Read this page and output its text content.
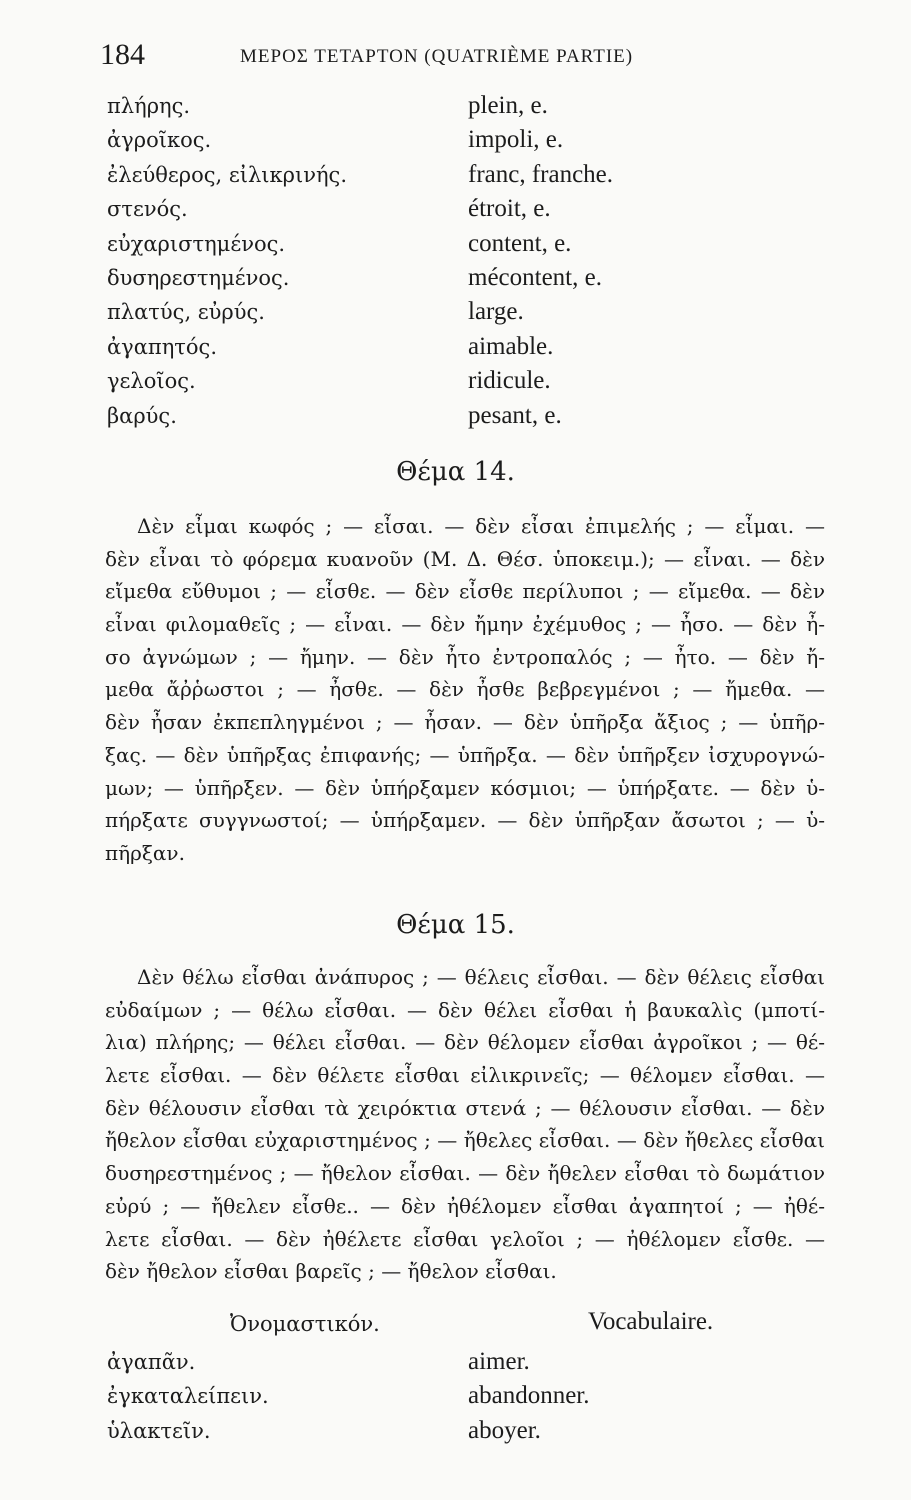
184	ΜΕΡΟΣ ΤΕΤΑΡΤΟΝ (QUATRIÈME PARTIE)
πλήρης.	plein, e.
ἀγροῖκος.	impoli, e.
ἐλεύθερος, εἰλικρινής.	franc, franche.
στενός.	étroit, e.
εὐχαριστημένος.	content, e.
δυσηρεστημένος.	mécontent, e.
πλατύς, εὐρύς.	large.
ἀγαπητός.	aimable.
γελοῖος.	ridicule.
βαρύς.	pesant, e.
Θέμα 14.
Δὲν εἶμαι κωφός ; — εἶσαι. — δὲν εἶσαι ἐπιμελής ; — εἶμαι. —
δὲν εἶναι τὸ φόρεμα κυανοῦν (Μ. Δ. Θέσ. ὑποκειμ.); — εἶναι. — δὲν
εἴμεθα εὔθυμοι ; — εἶσθε. — δὲν εἶσθε περίλυποι ; — εἴμεθα. — δὲν
εἶναι φιλομαθεῖς ; — εἶναι. — δὲν ἤμην ἐχέμυθος ; — ἦσο. — δὲν ἦ-
σο ἀγνώμων ; — ἤμην. — δὲν ἦτο ἐντροπαλός ; — ἦτο. — δὲν ἤ-
μεθα ἄῤῥωστοι ; — ἦσθε. — δὲν ἦσθε βεβρεγμένοι ; — ἤμεθα. —
δὲν ἦσαν ἐκπεπληγμένοι ; — ἦσαν. — δὲν ὑπῆρξα ἄξιος ; — ὑπῆρ-
ξας. — δὲν ὑπῆρξας ἐπιφανής; — ὑπῆρξα. — δὲν ὑπῆρξεν ἰσχυρογνώ-
μων; — ὑπῆρξεν. — δὲν ὑπήρξαμεν κόσμιοι; — ὑπήρξατε. — δὲν ὑ-
πήρξατε συγγνωστοί; — ὑπήρξαμεν. — δὲν ὑπῆρξαν ἄσωτοι ; — ὑ-
πῆρξαν.
Θέμα 15.
Δὲν θέλω εἶσθαι ἀνάπυρος ; — θέλεις εἶσθαι. — δὲν θέλεις εἶσθαι
εὐδαίμων ; — θέλω εἶσθαι. — δὲν θέλει εἶσθαι ἡ βαυκαλὶς (μποτί-
λια) πλήρης; — θέλει εἶσθαι. — δὲν θέλομεν εἶσθαι ἀγροῖκοι ; — θέ-
λετε εἶσθαι. — δὲν θέλετε εἶσθαι εἰλικρινεῖς; — θέλομεν εἶσθαι. —
δὲν θέλουσιν εἶσθαι τὰ χειρόκτια στενά ; — θέλουσιν εἶσθαι. — δὲν
ἤθελον εἶσθαι εὐχαριστημένος ; — ἤθελες εἶσθαι. — δὲν ἤθελες εἶσθαι
δυσηρεστημένος ; — ἤθελον εἶσθαι. — δὲν ἤθελεν εἶσθαι τὸ δωμάτιον
εὐρύ ; — ἤθελεν εἶσθε.. — δὲν ἠθέλομεν εἶσθαι ἀγαπητοί ; — ἠθέ-
λετε εἶσθαι. — δὲν ἠθέλετε εἶσθαι γελοῖοι ; — ἠθέλομεν εἶσθε. —
δὲν ἤθελον εἶσθαι βαρεῖς ; — ἤθελον εἶσθαι.
Ὀνομαστικόν.	Vocabulaire.
ἀγαπᾶν.	aimer.
ἐγκαταλείπειν.	abandonner.
ὑλακτεῖν.	aboyer.
